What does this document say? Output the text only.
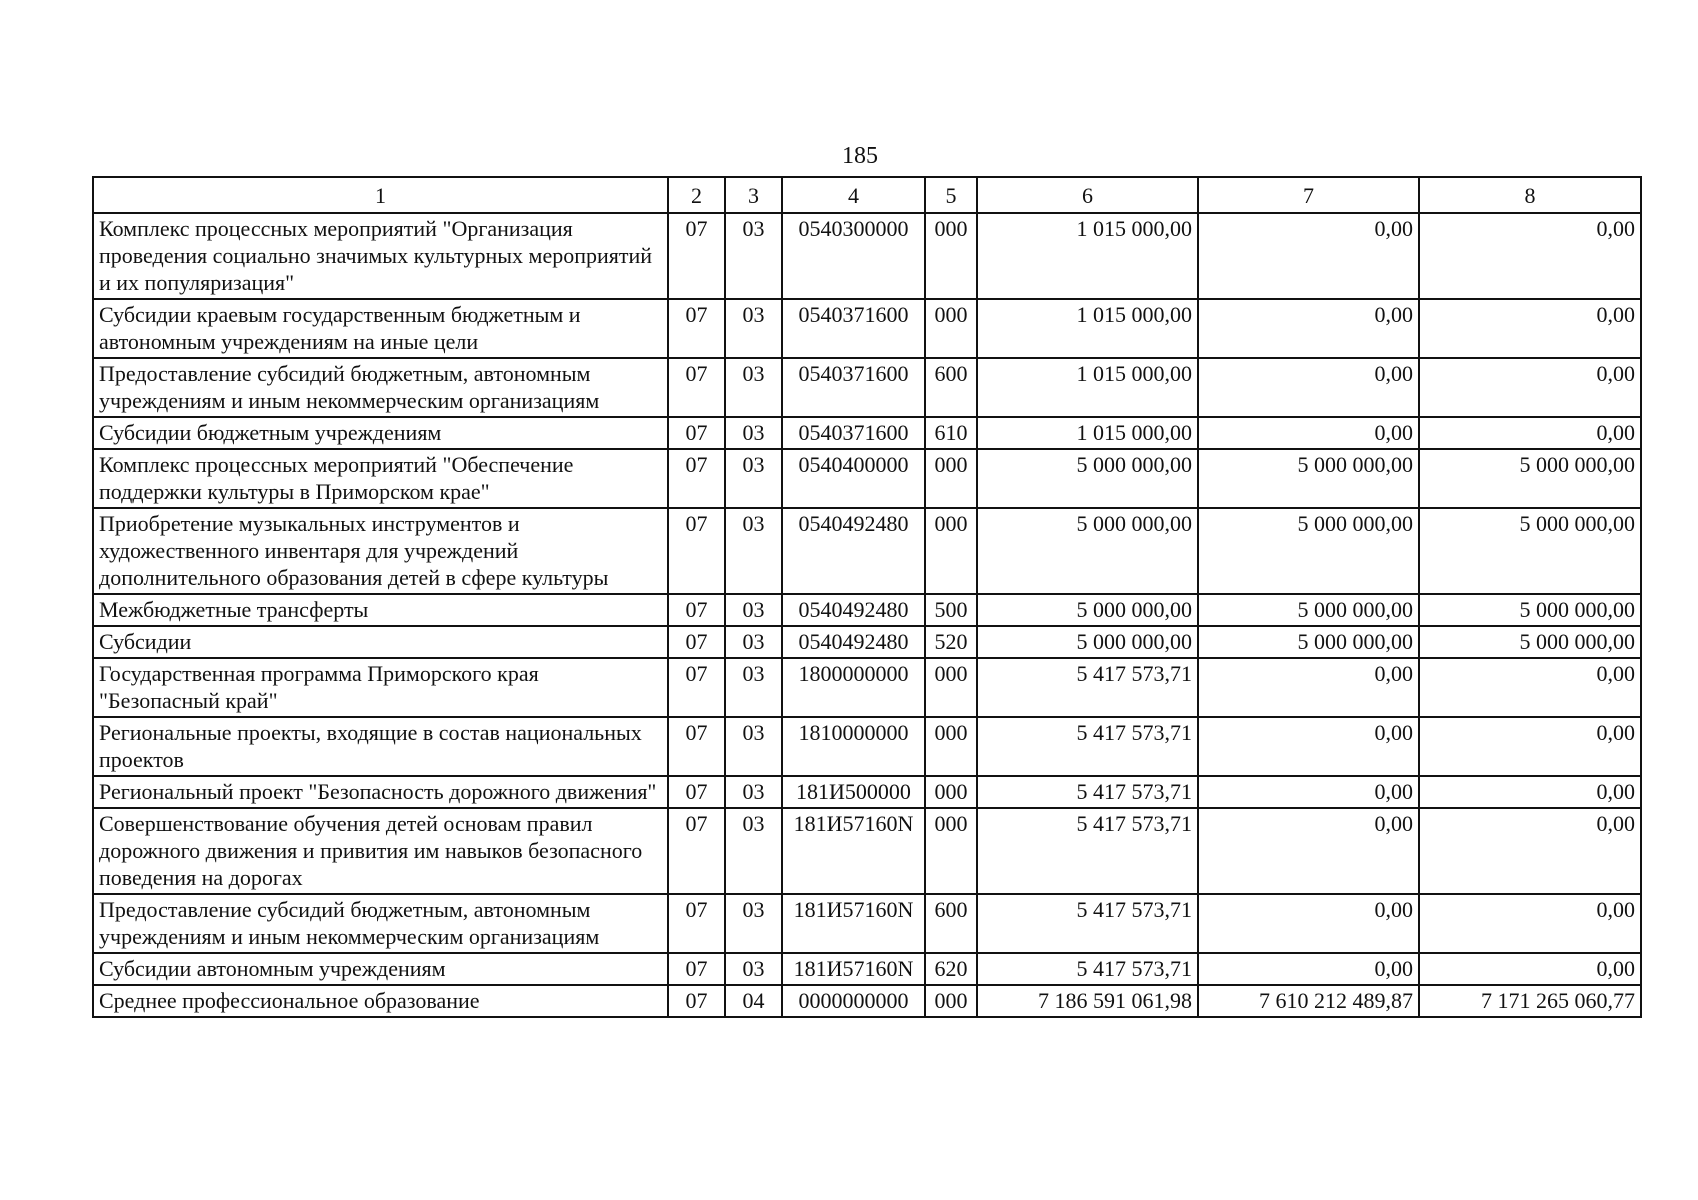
185
1	2	3	4	5	6	7	8
Комплекс процессных мероприятий "Организация проведения социально значимых культурных мероприятий и их популяризация"	07	03	0540300000	000	1 015 000,00	0,00	0,00
Субсидии краевым государственным бюджетным и автономным учреждениям на иные цели	07	03	0540371600	000	1 015 000,00	0,00	0,00
Предоставление субсидий бюджетным, автономным учреждениям и иным некоммерческим организациям	07	03	0540371600	600	1 015 000,00	0,00	0,00
Субсидии бюджетным учреждениям	07	03	0540371600	610	1 015 000,00	0,00	0,00
Комплекс процессных мероприятий "Обеспечение поддержки культуры в Приморском крае"	07	03	0540400000	000	5 000 000,00	5 000 000,00	5 000 000,00
Приобретение музыкальных инструментов и художественного инвентаря для учреждений дополнительного образования детей в сфере культуры	07	03	0540492480	000	5 000 000,00	5 000 000,00	5 000 000,00
Межбюджетные трансферты	07	03	0540492480	500	5 000 000,00	5 000 000,00	5 000 000,00
Субсидии	07	03	0540492480	520	5 000 000,00	5 000 000,00	5 000 000,00
Государственная программа Приморского края "Безопасный край"	07	03	1800000000	000	5 417 573,71	0,00	0,00
Региональные проекты, входящие в состав национальных проектов	07	03	1810000000	000	5 417 573,71	0,00	0,00
Региональный проект "Безопасность дорожного движения"	07	03	181И500000	000	5 417 573,71	0,00	0,00
Совершенствование обучения детей основам правил дорожного движения и привития им навыков безопасного поведения на дорогах	07	03	181И57160N	000	5 417 573,71	0,00	0,00
Предоставление субсидий бюджетным, автономным учреждениям и иным некоммерческим организациям	07	03	181И57160N	600	5 417 573,71	0,00	0,00
Субсидии автономным учреждениям	07	03	181И57160N	620	5 417 573,71	0,00	0,00
Среднее профессиональное образование	07	04	0000000000	000	7 186 591 061,98	7 610 212 489,87	7 171 265 060,77
